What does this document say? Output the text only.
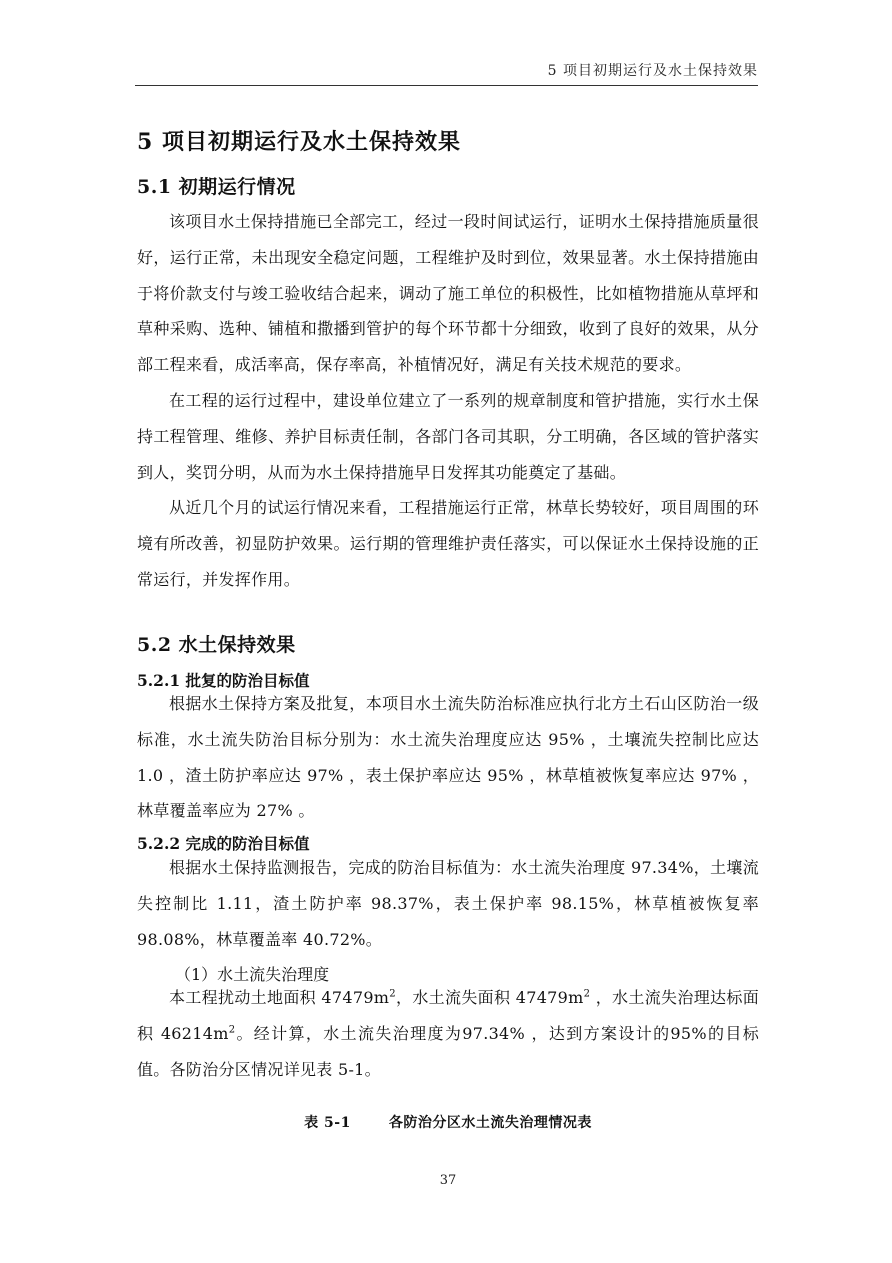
5 项目初期运行及水土保持效果
5 项目初期运行及水土保持效果
5.1 初期运行情况

该项目水土保持措施已全部完工，经过一段时间试运行，证明水土保持措施质量很好，运行正常，未出现安全稳定问题，工程维护及时到位，效果显著。水土保持措施由于将价款支付与竣工验收结合起来，调动了施工单位的积极性，比如植物措施从草坪和草种采购、选种、铺植和撒播到管护的每个环节都十分细致，收到了良好的效果，从分部工程来看，成活率高，保存率高，补植情况好，满足有关技术规范的要求。

在工程的运行过程中，建设单位建立了一系列的规章制度和管护措施，实行水土保持工程管理、维修、养护目标责任制，各部门各司其职，分工明确，各区域的管护落实到人，奖罚分明，从而为水土保持措施早日发挥其功能奠定了基础。

从近几个月的试运行情况来看，工程措施运行正常，林草长势较好，项目周围的环境有所改善，初显防护效果。运行期的管理维护责任落实，可以保证水土保持设施的正常运行，并发挥作用。

5.2 水土保持效果
5.2.1 批复的防治目标值

根据水土保持方案及批复，本项目水土流失防治标准应执行北方土石山区防治一级标准，水土流失防治目标分别为：水土流失治理度应达 95% ，土壤流失控制比应达 1.0 ，渣土防护率应达 97% ，表土保护率应达 95% ，林草植被恢复率应达 97% ，林草覆盖率应为 27% 。

5.2.2 完成的防治目标值

根据水土保持监测报告，完成的防治目标值为：水土流失治理度 97.34%，土壤流失控制比 1.11，渣土防护率 98.37%，表土保护率 98.15%，林草植被恢复率 98.08%，林草覆盖率 40.72%。

（1）水土流失治理度

本工程扰动土地面积 $47479m^2$，水土流失面积 $47479m^2$ ，水土流失治理达标面积 $46214m^2$。经计算，水土流失治理度为97.34% ，达到方案设计的95%的目标值。各防治分区情况详见表 5-1。

表 5-1	各防治分区水土流失治理情况表
37
